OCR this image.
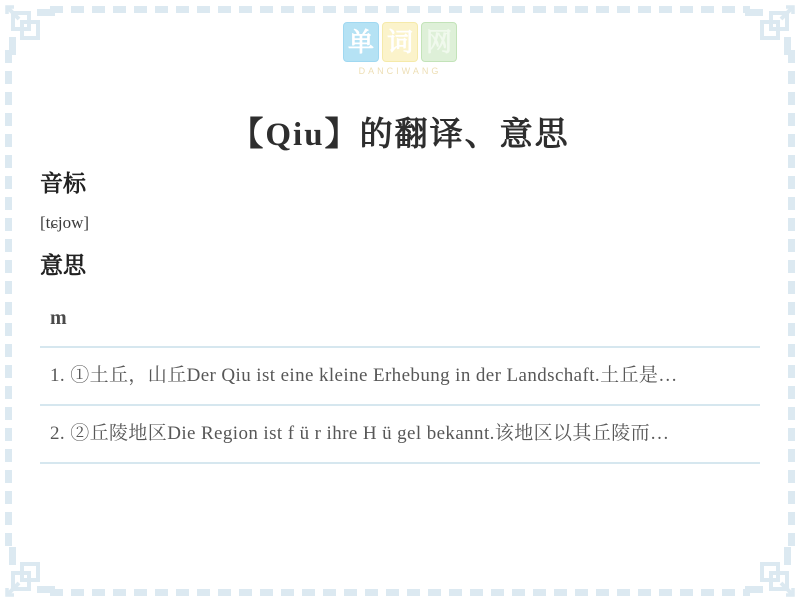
单 词 网
DANCIWANG
【Qiu】的翻译、意思
音标
[tɕjow]
意思
m
1. ①土丘，山丘Der Qiu ist eine kleine Erhebung in der Landschaft.土丘是…
2. ②丘陵地区Die Region ist f ü r ihre H ü gel bekannt.该地区以其丘陵而…
